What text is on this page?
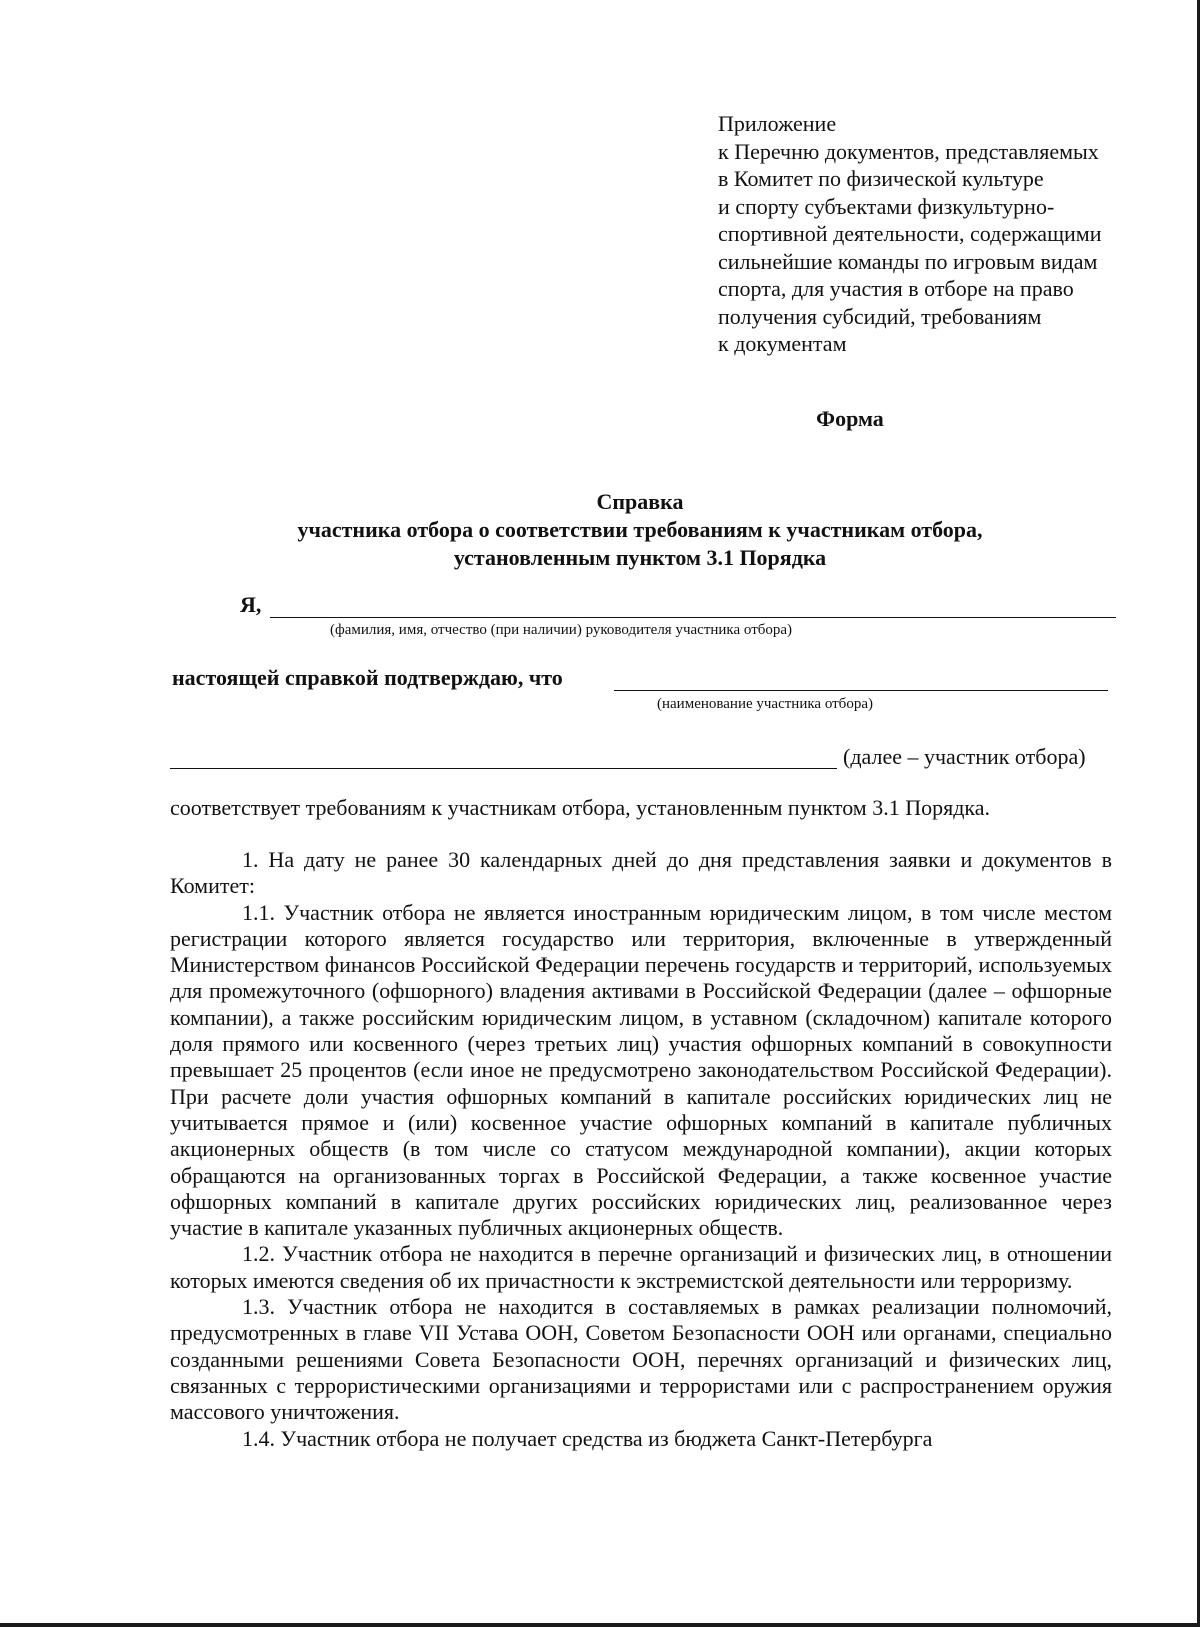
Приложение
к Перечню документов, представляемых
в Комитет по физической культуре
и спорту субъектами физкультурно-
спортивной деятельности, содержащими
сильнейшие команды по игровым видам
спорта, для участия в отборе на право
получения субсидий, требованиям
к документам
Форма
Справка
участника отбора о соответствии требованиям к участникам отбора,
установленным пунктом 3.1 Порядка
Я,
(фамилия, имя, отчество (при наличии) руководителя участника отбора)
настоящей справкой подтверждаю, что
(наименование участника отбора)
(далее – участник отбора)
соответствует требованиям к участникам отбора, установленным пунктом 3.1 Порядка.

1. На дату не ранее 30 календарных дней до дня представления заявки и документов в Комитет:

1.1. Участник отбора не является иностранным юридическим лицом, в том числе местом регистрации которого является государство или территория, включенные в утвержденный Министерством финансов Российской Федерации перечень государств и территорий, используемых для промежуточного (офшорного) владения активами в Российской Федерации (далее – офшорные компании), а также российским юридическим лицом, в уставном (складочном) капитале которого доля прямого или косвенного (через третьих лиц) участия офшорных компаний в совокупности превышает 25 процентов (если иное не предусмотрено законодательством Российской Федерации). При расчете доли участия офшорных компаний в капитале российских юридических лиц не учитывается прямое и (или) косвенное участие офшорных компаний в капитале публичных акционерных обществ (в том числе со статусом международной компании), акции которых обращаются на организованных торгах в Российской Федерации, а также косвенное участие офшорных компаний в капитале других российских юридических лиц, реализованное через участие в капитале указанных публичных акционерных обществ.

1.2. Участник отбора не находится в перечне организаций и физических лиц, в отношении которых имеются сведения об их причастности к экстремистской деятельности или терроризму.

1.3. Участник отбора не находится в составляемых в рамках реализации полномочий, предусмотренных в главе VII Устава ООН, Советом Безопасности ООН или органами, специально созданными решениями Совета Безопасности ООН, перечнях организаций и физических лиц, связанных с террористическими организациями и террористами или с распространением оружия массового уничтожения.

1.4. Участник отбора не получает средства из бюджета Санкт-Петербурга
